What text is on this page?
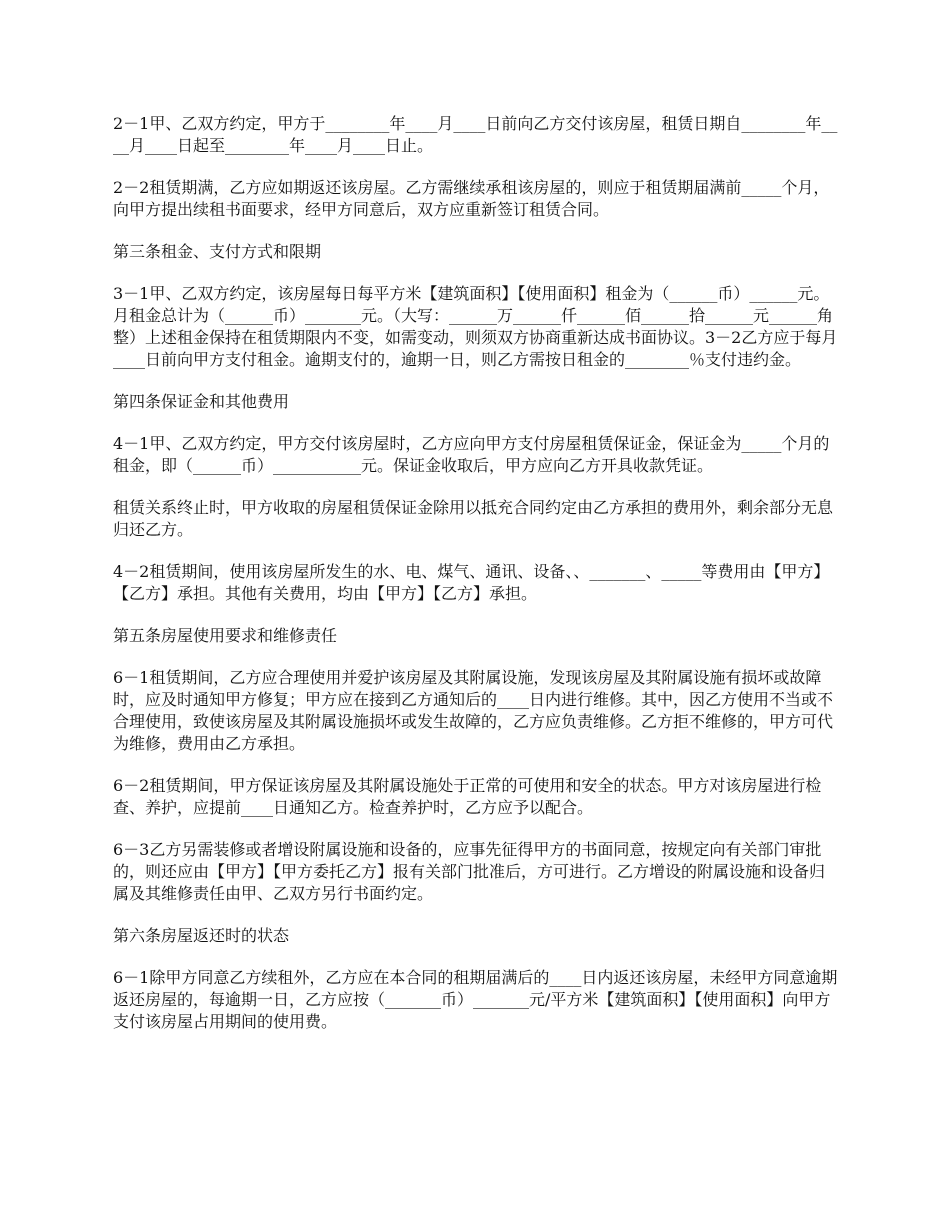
2－1甲、乙双方约定，甲方于________年____月____日前向乙方交付该房屋，租赁日期自________年____月____日起至________年____月____日止。

2－2租赁期满，乙方应如期返还该房屋。乙方需继续承租该房屋的，则应于租赁期届满前_____个月，向甲方提出续租书面要求，经甲方同意后，双方应重新签订租赁合同。

第三条租金、支付方式和限期

3－1甲、乙双方约定，该房屋每日每平方米【建筑面积】【使用面积】租金为（______币）______元。月租金总计为（______币）_______元。（大写：______万______仟______佰______拾______元______角整）上述租金保持在租赁期限内不变，如需变动，则须双方协商重新达成书面协议。3－2乙方应于每月____日前向甲方支付租金。逾期支付的，逾期一日，则乙方需按日租金的________％支付违约金。

第四条保证金和其他费用

4－1甲、乙双方约定，甲方交付该房屋时，乙方应向甲方支付房屋租赁保证金，保证金为_____个月的租金，即（______币）___________元。保证金收取后，甲方应向乙方开具收款凭证。

租赁关系终止时，甲方收取的房屋租赁保证金除用以抵充合同约定由乙方承担的费用外，剩余部分无息归还乙方。

4－2租赁期间，使用该房屋所发生的水、电、煤气、通讯、设备、、_______、_____等费用由【甲方】【乙方】承担。其他有关费用，均由【甲方】【乙方】承担。

第五条房屋使用要求和维修责任

6－1租赁期间，乙方应合理使用并爱护该房屋及其附属设施，发现该房屋及其附属设施有损坏或故障时，应及时通知甲方修复；甲方应在接到乙方通知后的____日内进行维修。其中，因乙方使用不当或不合理使用，致使该房屋及其附属设施损坏或发生故障的，乙方应负责维修。乙方拒不维修的，甲方可代为维修，费用由乙方承担。

6－2租赁期间，甲方保证该房屋及其附属设施处于正常的可使用和安全的状态。甲方对该房屋进行检查、养护，应提前____日通知乙方。检查养护时，乙方应予以配合。

6－3乙方另需装修或者增设附属设施和设备的，应事先征得甲方的书面同意，按规定向有关部门审批的，则还应由【甲方】【甲方委托乙方】报有关部门批准后，方可进行。乙方增设的附属设施和设备归属及其维修责任由甲、乙双方另行书面约定。

第六条房屋返还时的状态

6－1除甲方同意乙方续租外，乙方应在本合同的租期届满后的____日内返还该房屋，未经甲方同意逾期返还房屋的，每逾期一日，乙方应按（_______币）_______元/平方米【建筑面积】【使用面积】向甲方支付该房屋占用期间的使用费。
